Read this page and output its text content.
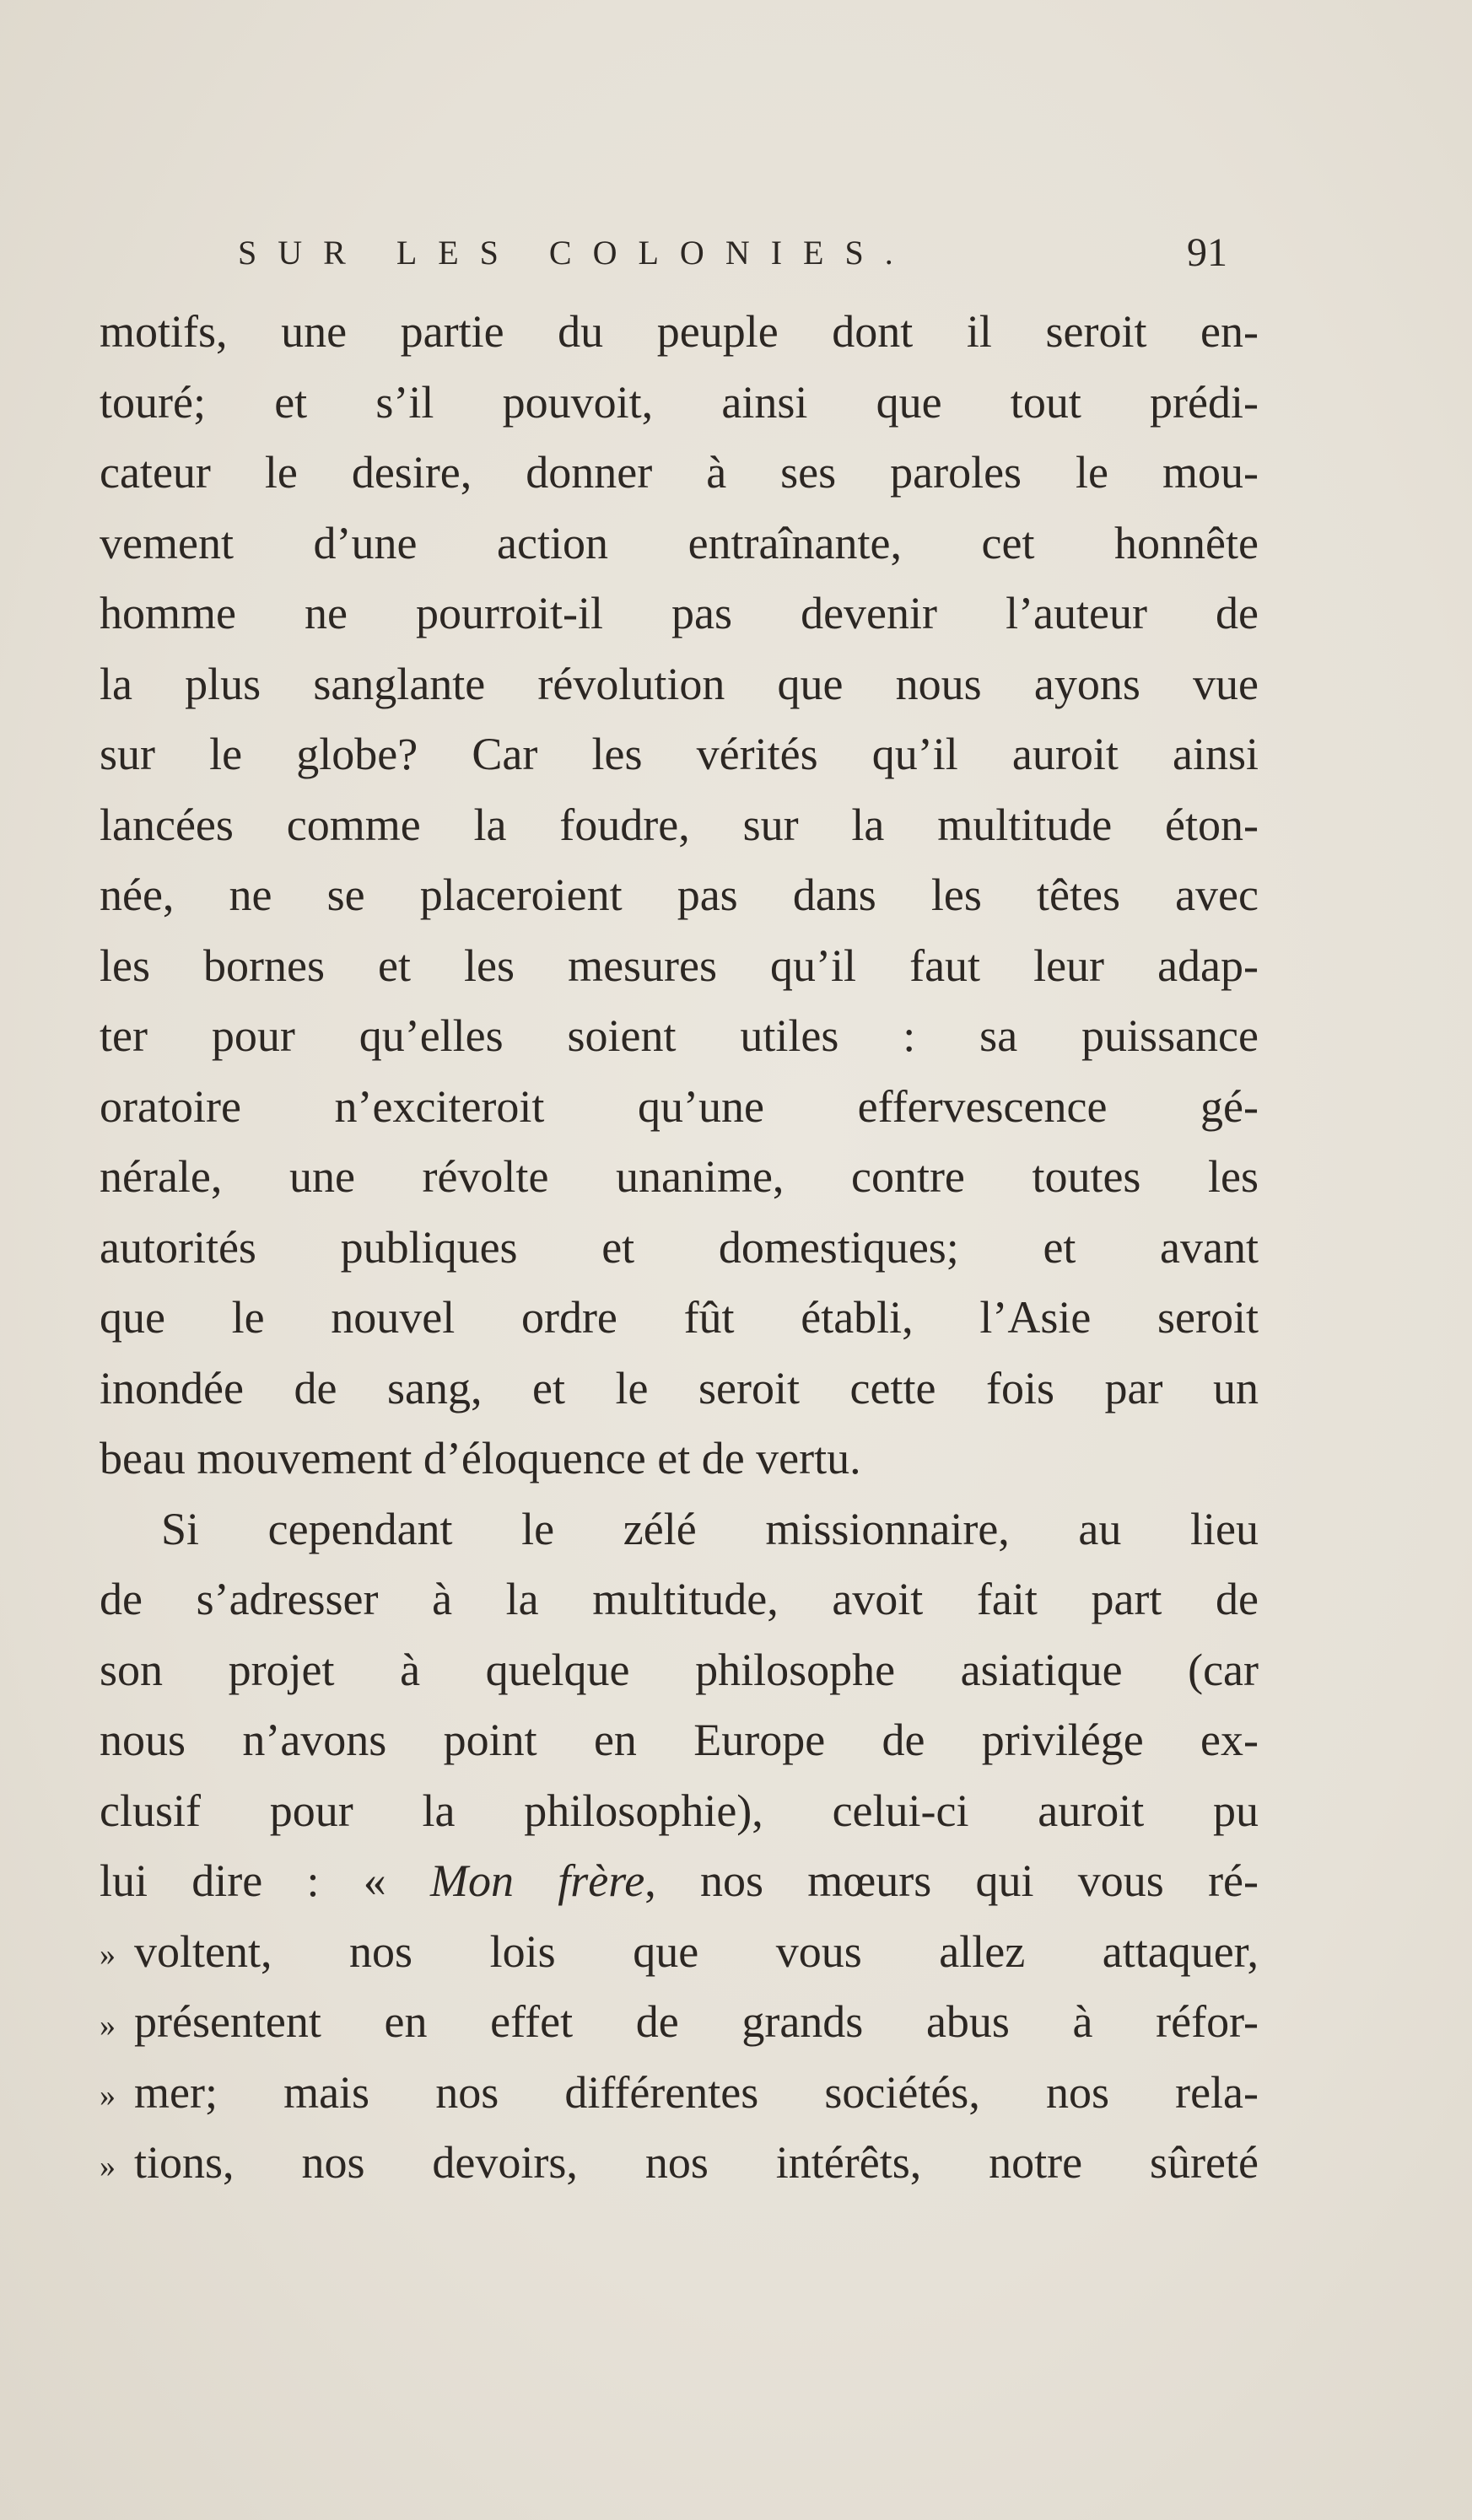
SUR LES COLONIES.	91
motifs, une partie du peuple dont il seroit en-
touré; et s’il pouvoit, ainsi que tout prédi-
cateur le desire, donner à ses paroles le mou-
vement d’une action entraînante, cet honnête
homme ne pourroit-il pas devenir l’auteur de
la plus sanglante révolution que nous ayons vue
sur le globe? Car les vérités qu’il auroit ainsi
lancées comme la foudre, sur la multitude éton-
née, ne se placeroient pas dans les têtes avec
les bornes et les mesures qu’il faut leur adap-
ter pour qu’elles soient utiles : sa puissance
oratoire n’exciteroit qu’une effervescence gé-
nérale, une révolte unanime, contre toutes les
autorités publiques et domestiques; et avant
que le nouvel ordre fût établi, l’Asie seroit
inondée de sang, et le seroit cette fois par un
beau mouvement d’éloquence et de vertu.
Si cependant le zélé missionnaire, au lieu
de s’adresser à la multitude, avoit fait part de
son projet à quelque philosophe asiatique (car
nous n’avons point en Europe de privilége ex-
clusif pour la philosophie), celui-ci auroit pu
lui dire : « Mon frère, nos mœurs qui vous ré-
» voltent, nos lois que vous allez attaquer,
» présentent en effet de grands abus à réfor-
» mer; mais nos différentes sociétés, nos rela-
» tions, nos devoirs, nos intérêts, notre sûreté
